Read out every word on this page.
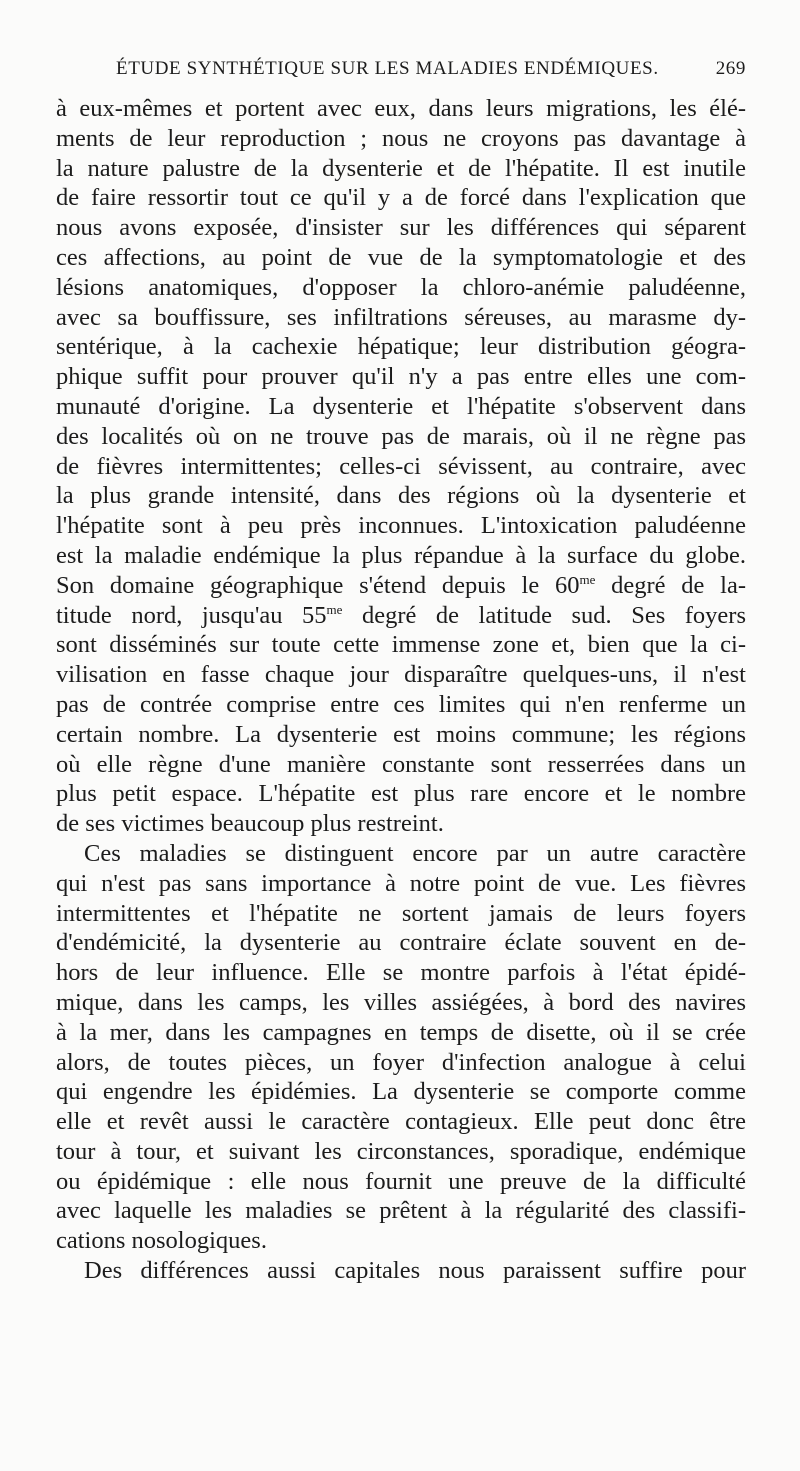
ÉTUDE SYNTHÉTIQUE SUR LES MALADIES ENDÉMIQUES.	269
à eux-mêmes et portent avec eux, dans leurs migrations, les élé-
ments de leur reproduction ; nous ne croyons pas davantage à
la nature palustre de la dysenterie et de l'hépatite. Il est inutile
de faire ressortir tout ce qu'il y a de forcé dans l'explication que
nous avons exposée, d'insister sur les différences qui séparent
ces affections, au point de vue de la symptomatologie et des
lésions anatomiques, d'opposer la chloro-anémie paludéenne,
avec sa bouffissure, ses infiltrations séreuses, au marasme dy-
sentérique, à la cachexie hépatique; leur distribution géogra-
phique suffit pour prouver qu'il n'y a pas entre elles une com-
munauté d'origine. La dysenterie et l'hépatite s'observent dans
des localités où on ne trouve pas de marais, où il ne règne pas
de fièvres intermittentes; celles-ci sévissent, au contraire, avec
la plus grande intensité, dans des régions où la dysenterie et
l'hépatite sont à peu près inconnues. L'intoxication paludéenne
est la maladie endémique la plus répandue à la surface du globe.
Son domaine géographique s'étend depuis le $60^{me}$ degré de la-
titude nord, jusqu'au $55^{me}$ degré de latitude sud. Ses foyers
sont disséminés sur toute cette immense zone et, bien que la ci-
vilisation en fasse chaque jour disparaître quelques-uns, il n'est
pas de contrée comprise entre ces limites qui n'en renferme un
certain nombre. La dysenterie est moins commune; les régions
où elle règne d'une manière constante sont resserrées dans un
plus petit espace. L'hépatite est plus rare encore et le nombre
de ses victimes beaucoup plus restreint.
Ces maladies se distinguent encore par un autre caractère
qui n'est pas sans importance à notre point de vue. Les fièvres
intermittentes et l'hépatite ne sortent jamais de leurs foyers
d'endémicité, la dysenterie au contraire éclate souvent en de-
hors de leur influence. Elle se montre parfois à l'état épidé-
mique, dans les camps, les villes assiégées, à bord des navires
à la mer, dans les campagnes en temps de disette, où il se crée
alors, de toutes pièces, un foyer d'infection analogue à celui
qui engendre les épidémies. La dysenterie se comporte comme
elle et revêt aussi le caractère contagieux. Elle peut donc être
tour à tour, et suivant les circonstances, sporadique, endémique
ou épidémique : elle nous fournit une preuve de la difficulté
avec laquelle les maladies se prêtent à la régularité des classifi-
cations nosologiques.
Des différences aussi capitales nous paraissent suffire pour
